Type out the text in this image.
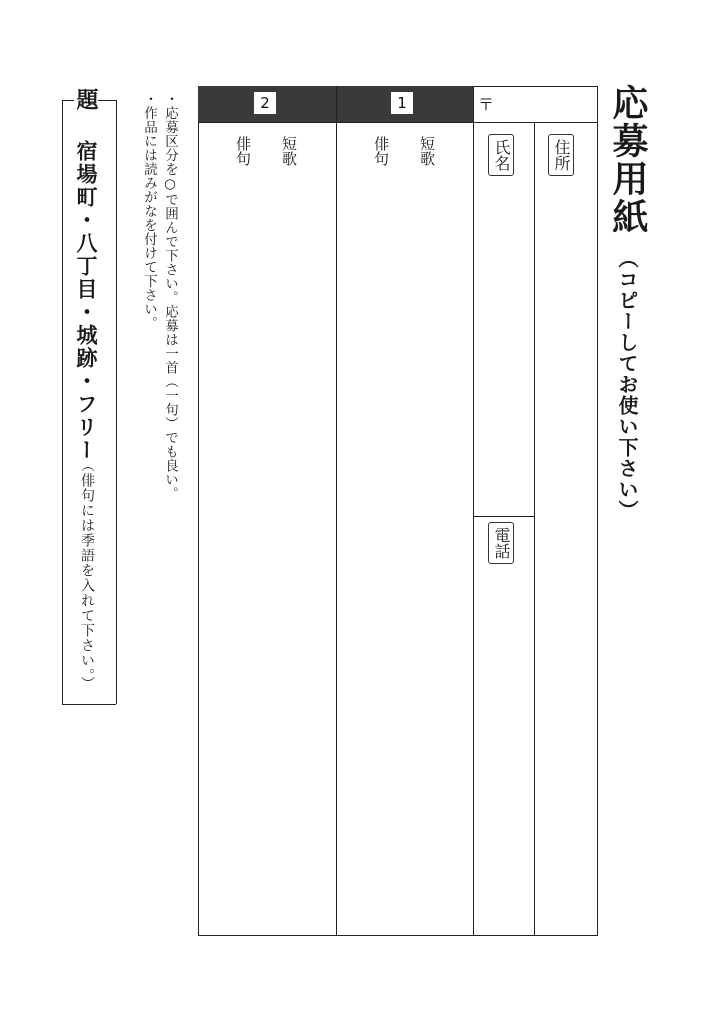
応募用紙
（コピーしてお使い下さい）
2	1	〒
住所
氏名
電話
短歌
俳句
短歌
俳句
・応募区分を○で囲んで下さい。応募は一首（一句）でも良い。
・作品には読みがなを付けて下さい。
題
宿場町・八丁目・城跡・フリー
（俳句には季語を入れて下さい。）
